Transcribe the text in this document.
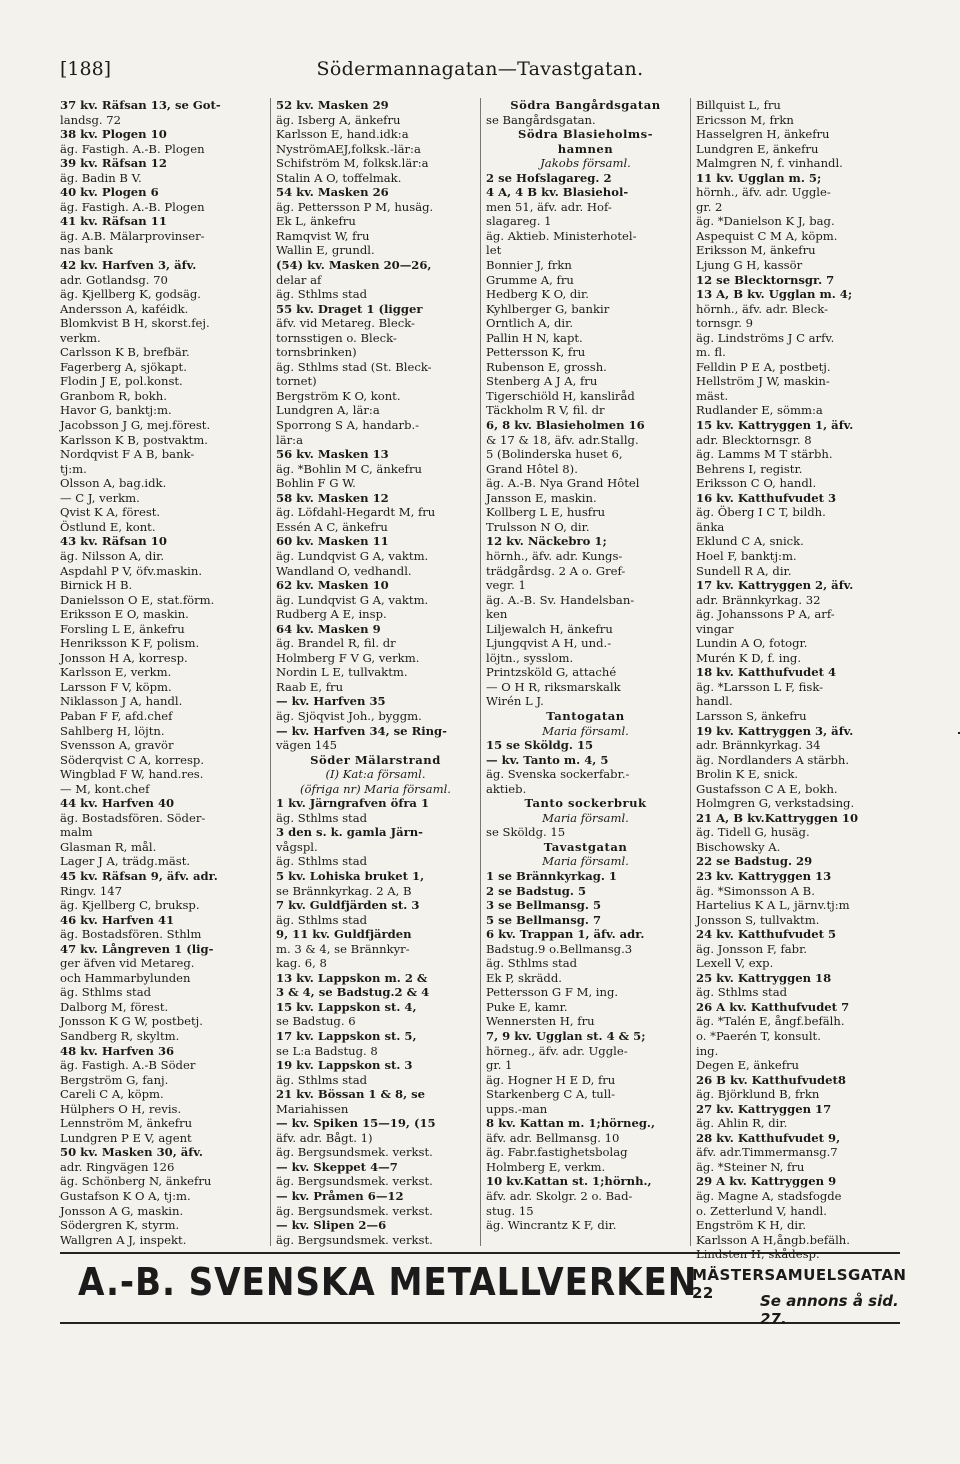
[188]	Södermannagatan—Tavastgatan.
37 kv. Räfsan 13, se Got-
landsg. 72
38 kv. Plogen 10
äg. Fastigh. A.-B. Plogen
39 kv. Räfsan 12
äg. Badin B V.
40 kv. Plogen 6
äg. Fastigh. A.-B. Plogen
41 kv. Räfsan 11
äg. A.B. Mälarprovinser-
nas bank
42 kv. Harfven 3, äfv.
adr. Gotlandsg. 70
äg. Kjellberg K, godsäg.
Andersson A, kaféidk.
Blomkvist B H, skorst.fej.
verkm.
Carlsson K B, brefbär.
Fagerberg A, sjökapt.
Flodin J E, pol.konst.
Granbom R, bokh.
Havor G, banktj:m.
Jacobsson J G, mej.förest.
Karlsson K B, postvaktm.
Nordqvist F A B, bank-
tj:m.
Olsson A, bag.idk.
— C J, verkm.
Qvist K A, förest.
Östlund E, kont.
43 kv. Räfsan 10
äg. Nilsson A, dir.
Aspdahl P V, öfv.maskin.
Birnick H B.
Danielsson O E, stat.förm.
Eriksson E O, maskin.
Forsling L E, änkefru
Henriksson K F, polism.
Jonsson H A, korresp.
Karlsson E, verkm.
Larsson F V, köpm.
Niklasson J A, handl.
Paban F F, afd.chef
Sahlberg H, löjtn.
Svensson A, gravör
Söderqvist C A, korresp.
Wingblad F W, hand.res.
— M, kont.chef
44 kv. Harfven 40
äg. Bostadsfören. Söder-
malm
Glasman R, mål.
Lager J A, trädg.mäst.
45 kv. Räfsan 9, äfv. adr.
Ringv. 147
äg. Kjellberg C, bruksp.
46 kv. Harfven 41
äg. Bostadsfören. Sthlm
47 kv. Långreven 1 (lig-
ger äfven vid Metareg.
och Hammarbylunden
äg. Sthlms stad
Dalborg M, förest.
Jonsson K G W, postbetj.
Sandberg R, skyltm.
48 kv. Harfven 36
äg. Fastigh. A.-B Söder
Bergström G, fanj.
Careli C A, köpm.
Hülphers O H, revis.
Lennström M, änkefru
Lundgren P E V, agent
50 kv. Masken 30, äfv.
adr. Ringvägen 126
äg. Schönberg N, änkefru
Gustafson K O A, tj:m.
Jonsson A G, maskin.
Södergren K, styrm.
Wallgren A J, inspekt.
52 kv. Masken 29
äg. Isberg A, änkefru
Karlsson E, hand.idk:a
NyströmAEJ,folksk.-lär:a
Schifström M, folksk.lär:a
Stalin A O, toffelmak.
54 kv. Masken 26
äg. Pettersson P M, husäg.
Ek L, änkefru
Ramqvist W, fru
Wallin E, grundl.
(54) kv. Masken 20—26,
delar af
äg. Sthlms stad
55 kv. Draget 1 (ligger
äfv. vid Metareg. Bleck-
tornsstigen o. Bleck-
tornsbrinken)
äg. Sthlms stad (St. Bleck-
tornet)
Bergström K O, kont.
Lundgren A, lär:a
Sporrong S A, handarb.-
lär:a
56 kv. Masken 13
äg. *Bohlin M C, änkefru
Bohlin F G W.
58 kv. Masken 12
äg. Löfdahl-Hegardt M, fru
Essén A C, änkefru
60 kv. Masken 11
äg. Lundqvist G A, vaktm.
Wandland O, vedhandl.
62 kv. Masken 10
äg. Lundqvist G A, vaktm.
Rudberg A E, insp.
64 kv. Masken 9
äg. Brandel R, fil. dr
Holmberg F V G, verkm.
Nordin L E, tullvaktm.
Raab E, fru
— kv. Harfven 35
äg. Sjöqvist Joh., byggm.
— kv. Harfven 34, se Ring-
vägen 145
Söder Mälarstrand
(I) Kat:a församl.
(öfriga nr) Maria församl.
1 kv. Järngrafven öfra 1
äg. Sthlms stad
3 den s. k. gamla Järn-
vågspl.
äg. Sthlms stad
5 kv. Lohiska bruket 1,
se Brännkyrkag. 2 A, B
7 kv. Guldfjärden st. 3
äg. Sthlms stad
9, 11 kv. Guldfjärden
m. 3 & 4, se Brännkyr-
kag. 6, 8
13 kv. Lappskon m. 2 &
3 & 4, se Badstug.2 & 4
15 kv. Lappskon st. 4,
se Badstug. 6
17 kv. Lappskon st. 5,
se L:a Badstug. 8
19 kv. Lappskon st. 3
äg. Sthlms stad
21 kv. Bössan 1 & 8, se
Mariahissen
— kv. Spiken 15—19, (15
äfv. adr. Bågt. 1)
äg. Bergsundsmek. verkst.
— kv. Skeppet 4—7
äg. Bergsundsmek. verkst.
— kv. Pråmen 6—12
äg. Bergsundsmek. verkst.
— kv. Slipen 2—6
äg. Bergsundsmek. verkst.
Södra Bangårdsgatan
se Bangårdsgatan.
Södra Blasieholms-
hamnen
Jakobs församl.
2 se Hofslagareg. 2
4 A, 4 B kv. Blasiehol-
men 51, äfv. adr. Hof-
slagareg. 1
äg. Aktieb. Ministerhotel-
let
Bonnier J, frkn
Grumme A, fru
Hedberg K O, dir.
Kyhlberger G, bankir
Orntlich A, dir.
Pallin H N, kapt.
Pettersson K, fru
Rubenson E, grossh.
Stenberg A J A, fru
Tigerschiöld H, kansliråd
Täckholm R V, fil. dr
6, 8 kv. Blasieholmen 16
& 17 & 18, äfv. adr.Stallg.
5 (Bolinderska huset 6,
Grand Hôtel 8).
äg. A.-B. Nya Grand Hôtel
Jansson E, maskin.
Kollberg L E, husfru
Trulsson N O, dir.
12 kv. Näckebro 1;
hörnh., äfv. adr. Kungs-
trädgårdsg. 2 A o. Gref-
vegr. 1
äg. A.-B. Sv. Handelsban-
ken
Liljewalch H, änkefru
Ljungqvist A H, und.-
löjtn., sysslom.
Printzsköld G, attaché
— O H R, riksmarskalk
Wirén L J.
Tantogatan
Maria församl.
15 se Sköldg. 15
— kv. Tanto m. 4, 5
äg. Svenska sockerfabr.-
aktieb.
Tanto sockerbruk
Maria församl.
se Sköldg. 15
Tavastgatan
Maria församl.
1 se Brännkyrkag. 1
2 se Badstug. 5
3 se Bellmansg. 5
5 se Bellmansg. 7
6 kv. Trappan 1, äfv. adr.
Badstug.9 o.Bellmansg.3
äg. Sthlms stad
Ek P, skrädd.
Pettersson G F M, ing.
Puke E, kamr.
Wennersten H, fru
7, 9 kv. Ugglan st. 4 & 5;
hörneg., äfv. adr. Uggle-
gr. 1
äg. Hogner H E D, fru
Starkenberg C A, tull-
upps.-man
8 kv. Kattan m. 1;hörneg.,
äfv. adr. Bellmansg. 10
äg. Fabr.fastighetsbolag
Holmberg E, verkm.
10 kv.Kattan st. 1;hörnh.,
äfv. adr. Skolgr. 2 o. Bad-
stug. 15
äg. Wincrantz K F, dir.
Billquist L, fru
Ericsson M, frkn
Hasselgren H, änkefru
Lundgren E, änkefru
Malmgren N, f. vinhandl.
11 kv. Ugglan m. 5;
hörnh., äfv. adr. Uggle-
gr. 2
äg. *Danielson K J, bag.
Aspequist C M A, köpm.
Eriksson M, änkefru
Ljung G H, kassör
12 se Blecktornsgr. 7
13 A, B kv. Ugglan m. 4;
hörnh., äfv. adr. Bleck-
tornsgr. 9
äg. Lindströms J C arfv.
m. fl.
Felldin P E A, postbetj.
Hellström J W, maskin-
mäst.
Rudlander E, sömm:a
15 kv. Kattryggen 1, äfv.
adr. Blecktornsgr. 8
äg. Lamms M T stärbh.
Behrens I, registr.
Eriksson C O, handl.
16 kv. Katthufvudet 3
äg. Öberg I C T, bildh.
änka
Eklund C A, snick.
Hoel F, banktj:m.
Sundell R A, dir.
17 kv. Kattryggen 2, äfv.
adr. Brännkyrkag. 32
äg. Johanssons P A, arf-
vingar
Lundin A O, fotogr.
Murén K D, f. ing.
18 kv. Katthufvudet 4
äg. *Larsson L F, fisk-
handl.
Larsson S, änkefru
19 kv. Kattryggen 3, äfv.
adr. Brännkyrkag. 34
äg. Nordlanders A stärbh.
Brolin K E, snick.
Gustafsson C A E, bokh.
Holmgren G, verkstadsing.
21 A, B kv.Kattryggen 10
äg. Tidell G, husäg.
Bischowsky A.
22 se Badstug. 29
23 kv. Kattryggen 13
äg. *Simonsson A B.
Hartelius K A L, järnv.tj:m
Jonsson S, tullvaktm.
24 kv. Katthufvudet 5
äg. Jonsson F, fabr.
Lexell V, exp.
25 kv. Kattryggen 18
äg. Sthlms stad
26 A kv. Katthufvudet 7
äg. *Talén E, ångf.befälh.
o. *Paerén T, konsult.
ing.
Degen E, änkefru
26 B kv. Katthufvudet8
äg. Björklund B, frkn
27 kv. Kattryggen 17
äg. Ahlin R, dir.
28 kv. Katthufvudet 9,
äfv. adr.Timmermansg.7
äg. *Steiner N, fru
29 A kv. Kattryggen 9
äg. Magne A, stadsfogde
o. Zetterlund V, handl.
Engström K H, dir.
Karlsson A H,ångb.befälh.
Lindsten H, skådesp.
A.-B. SVENSKA METALLVERKEN
MÄSTERSAMUELSGATAN 22	Se annons å sid. 27.
